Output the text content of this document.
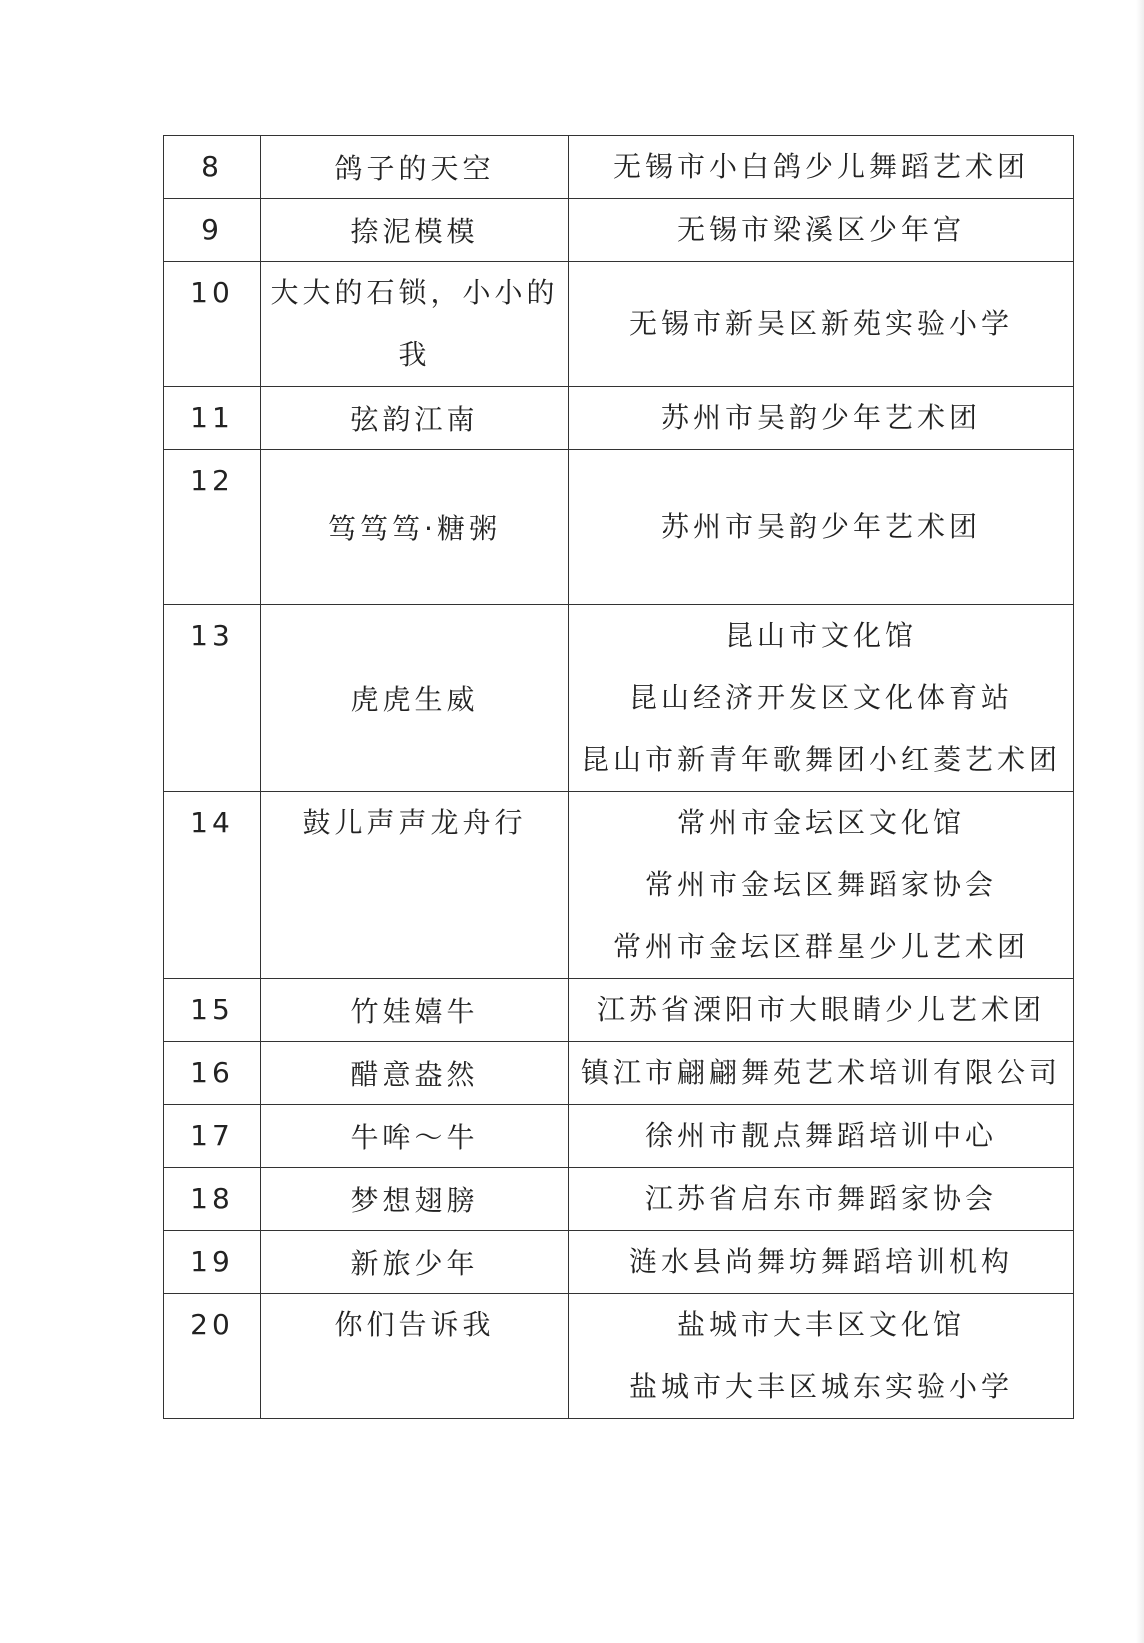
8	鸽子的天空	无锡市小白鸽少儿舞蹈艺术团

9	捺泥模模	无锡市梁溪区少年宫

10	大大的石锁，小小的我	无锡市新吴区新苑实验小学

11	弦韵江南	苏州市吴韵少年艺术团

12	笃笃笃·糖粥	苏州市吴韵少年艺术团

13	虎虎生威	昆山市文化馆
昆山经济开发区文化体育站
昆山市新青年歌舞团小红菱艺术团

14	鼓儿声声龙舟行	常州市金坛区文化馆
常州市金坛区舞蹈家协会
常州市金坛区群星少儿艺术团

15	竹娃嬉牛	江苏省溧阳市大眼睛少儿艺术团

16	醋意盎然	镇江市翩翩舞苑艺术培训有限公司

17	牛哞～牛	徐州市靓点舞蹈培训中心

18	梦想翅膀	江苏省启东市舞蹈家协会

19	新旅少年	涟水县尚舞坊舞蹈培训机构

20	你们告诉我	盐城市大丰区文化馆
盐城市大丰区城东实验小学
